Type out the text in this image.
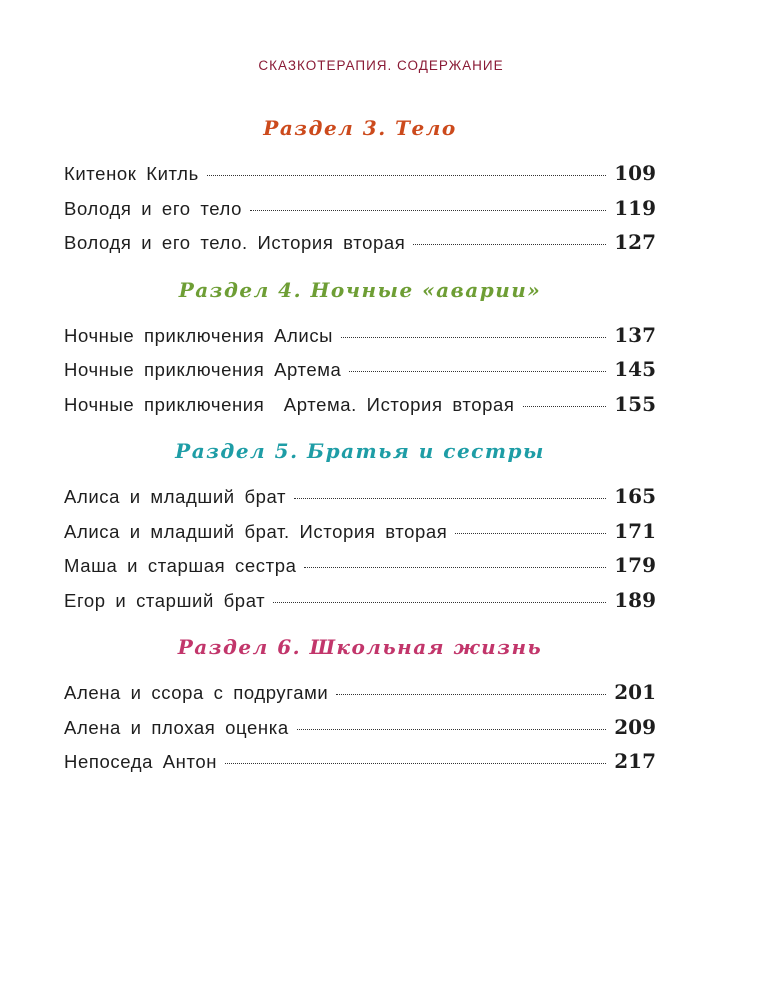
СКАЗКОТЕРАПИЯ. СОДЕРЖАНИЕ
Раздел 3. Тело
Китенок Китль	109
Володя и его тело	119
Володя и его тело. История вторая	127
Раздел 4. Ночные «аварии»
Ночные приключения Алисы	137
Ночные приключения Артема	145
Ночные приключения  Артема. История вторая	155
Раздел 5. Братья и сестры
Алиса и младший брат	165
Алиса и младший брат. История вторая	171
Маша и старшая сестра	179
Егор и старший брат	189
Раздел 6. Школьная жизнь
Алена и ссора с подругами	201
Алена и плохая оценка	209
Непоседа Антон	217
